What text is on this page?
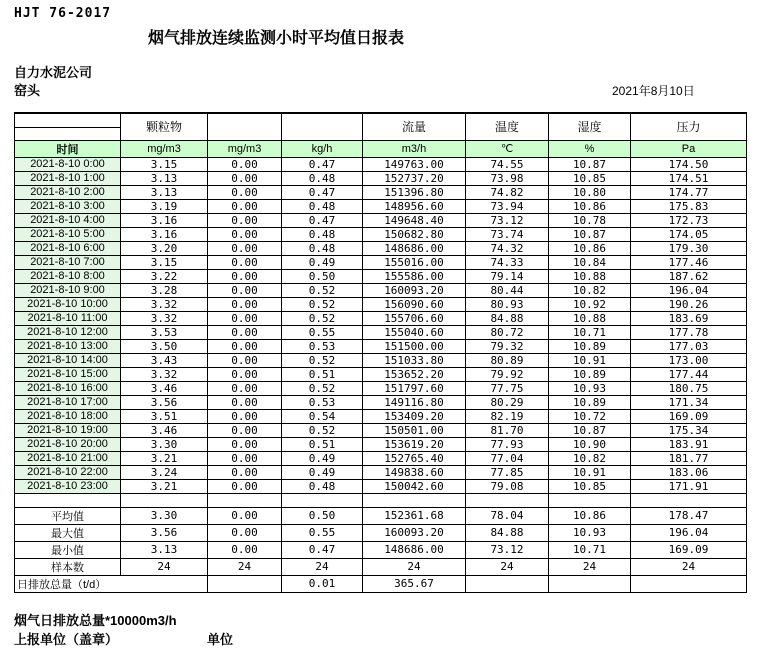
HJT 76-2017
烟气排放连续监测小时平均值日报表
自力水泥公司
窑头	2021年8月10日
	颗粒物			流量	温度	湿度	压力
时间	mg/m3	mg/m3	kg/h	m3/h	℃	%	Pa
2021-8-10 0:00	3.15	0.00	0.47	149763.00	74.55	10.87	174.50
2021-8-10 1:00	3.13	0.00	0.48	152737.20	73.98	10.85	174.51
2021-8-10 2:00	3.13	0.00	0.47	151396.80	74.82	10.80	174.77
2021-8-10 3:00	3.19	0.00	0.48	148956.60	73.94	10.86	175.83
2021-8-10 4:00	3.16	0.00	0.47	149648.40	73.12	10.78	172.73
2021-8-10 5:00	3.16	0.00	0.48	150682.80	73.74	10.87	174.05
2021-8-10 6:00	3.20	0.00	0.48	148686.00	74.32	10.86	179.30
2021-8-10 7:00	3.15	0.00	0.49	155016.00	74.33	10.84	177.46
2021-8-10 8:00	3.22	0.00	0.50	155586.00	79.14	10.88	187.62
2021-8-10 9:00	3.28	0.00	0.52	160093.20	80.44	10.82	196.04
2021-8-10 10:00	3.32	0.00	0.52	156090.60	80.93	10.92	190.26
2021-8-10 11:00	3.32	0.00	0.52	155706.60	84.88	10.88	183.69
2021-8-10 12:00	3.53	0.00	0.55	155040.60	80.72	10.71	177.78
2021-8-10 13:00	3.50	0.00	0.53	151500.00	79.32	10.89	177.03
2021-8-10 14:00	3.43	0.00	0.52	151033.80	80.89	10.91	173.00
2021-8-10 15:00	3.32	0.00	0.51	153652.20	79.92	10.89	177.44
2021-8-10 16:00	3.46	0.00	0.52	151797.60	77.75	10.93	180.75
2021-8-10 17:00	3.56	0.00	0.53	149116.80	80.29	10.89	171.34
2021-8-10 18:00	3.51	0.00	0.54	153409.20	82.19	10.72	169.09
2021-8-10 19:00	3.46	0.00	0.52	150501.00	81.70	10.87	175.34
2021-8-10 20:00	3.30	0.00	0.51	153619.20	77.93	10.90	183.91
2021-8-10 21:00	3.21	0.00	0.49	152765.40	77.04	10.82	181.77
2021-8-10 22:00	3.24	0.00	0.49	149838.60	77.85	10.91	183.06
2021-8-10 23:00	3.21	0.00	0.48	150042.60	79.08	10.85	171.91

平均值	3.30	0.00	0.50	152361.68	78.04	10.86	178.47
最大值	3.56	0.00	0.55	160093.20	84.88	10.93	196.04
最小值	3.13	0.00	0.47	148686.00	73.12	10.71	169.09
样本数	24	24	24	24	24	24	24
日排放总量（t/d）			0.01	365.67			
烟气日排放总量*10000m3/h
上报单位（盖章）	单位
